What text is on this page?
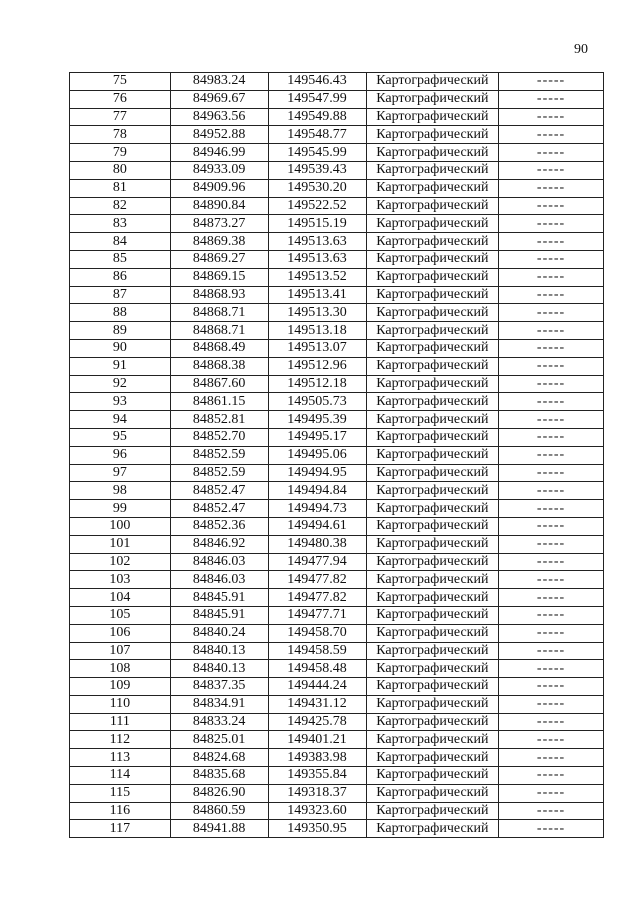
90
75	84983.24	149546.43	Картографический	-----
76	84969.67	149547.99	Картографический	-----
77	84963.56	149549.88	Картографический	-----
78	84952.88	149548.77	Картографический	-----
79	84946.99	149545.99	Картографический	-----
80	84933.09	149539.43	Картографический	-----
81	84909.96	149530.20	Картографический	-----
82	84890.84	149522.52	Картографический	-----
83	84873.27	149515.19	Картографический	-----
84	84869.38	149513.63	Картографический	-----
85	84869.27	149513.63	Картографический	-----
86	84869.15	149513.52	Картографический	-----
87	84868.93	149513.41	Картографический	-----
88	84868.71	149513.30	Картографический	-----
89	84868.71	149513.18	Картографический	-----
90	84868.49	149513.07	Картографический	-----
91	84868.38	149512.96	Картографический	-----
92	84867.60	149512.18	Картографический	-----
93	84861.15	149505.73	Картографический	-----
94	84852.81	149495.39	Картографический	-----
95	84852.70	149495.17	Картографический	-----
96	84852.59	149495.06	Картографический	-----
97	84852.59	149494.95	Картографический	-----
98	84852.47	149494.84	Картографический	-----
99	84852.47	149494.73	Картографический	-----
100	84852.36	149494.61	Картографический	-----
101	84846.92	149480.38	Картографический	-----
102	84846.03	149477.94	Картографический	-----
103	84846.03	149477.82	Картографический	-----
104	84845.91	149477.82	Картографический	-----
105	84845.91	149477.71	Картографический	-----
106	84840.24	149458.70	Картографический	-----
107	84840.13	149458.59	Картографический	-----
108	84840.13	149458.48	Картографический	-----
109	84837.35	149444.24	Картографический	-----
110	84834.91	149431.12	Картографический	-----
111	84833.24	149425.78	Картографический	-----
112	84825.01	149401.21	Картографический	-----
113	84824.68	149383.98	Картографический	-----
114	84835.68	149355.84	Картографический	-----
115	84826.90	149318.37	Картографический	-----
116	84860.59	149323.60	Картографический	-----
117	84941.88	149350.95	Картографический	-----
